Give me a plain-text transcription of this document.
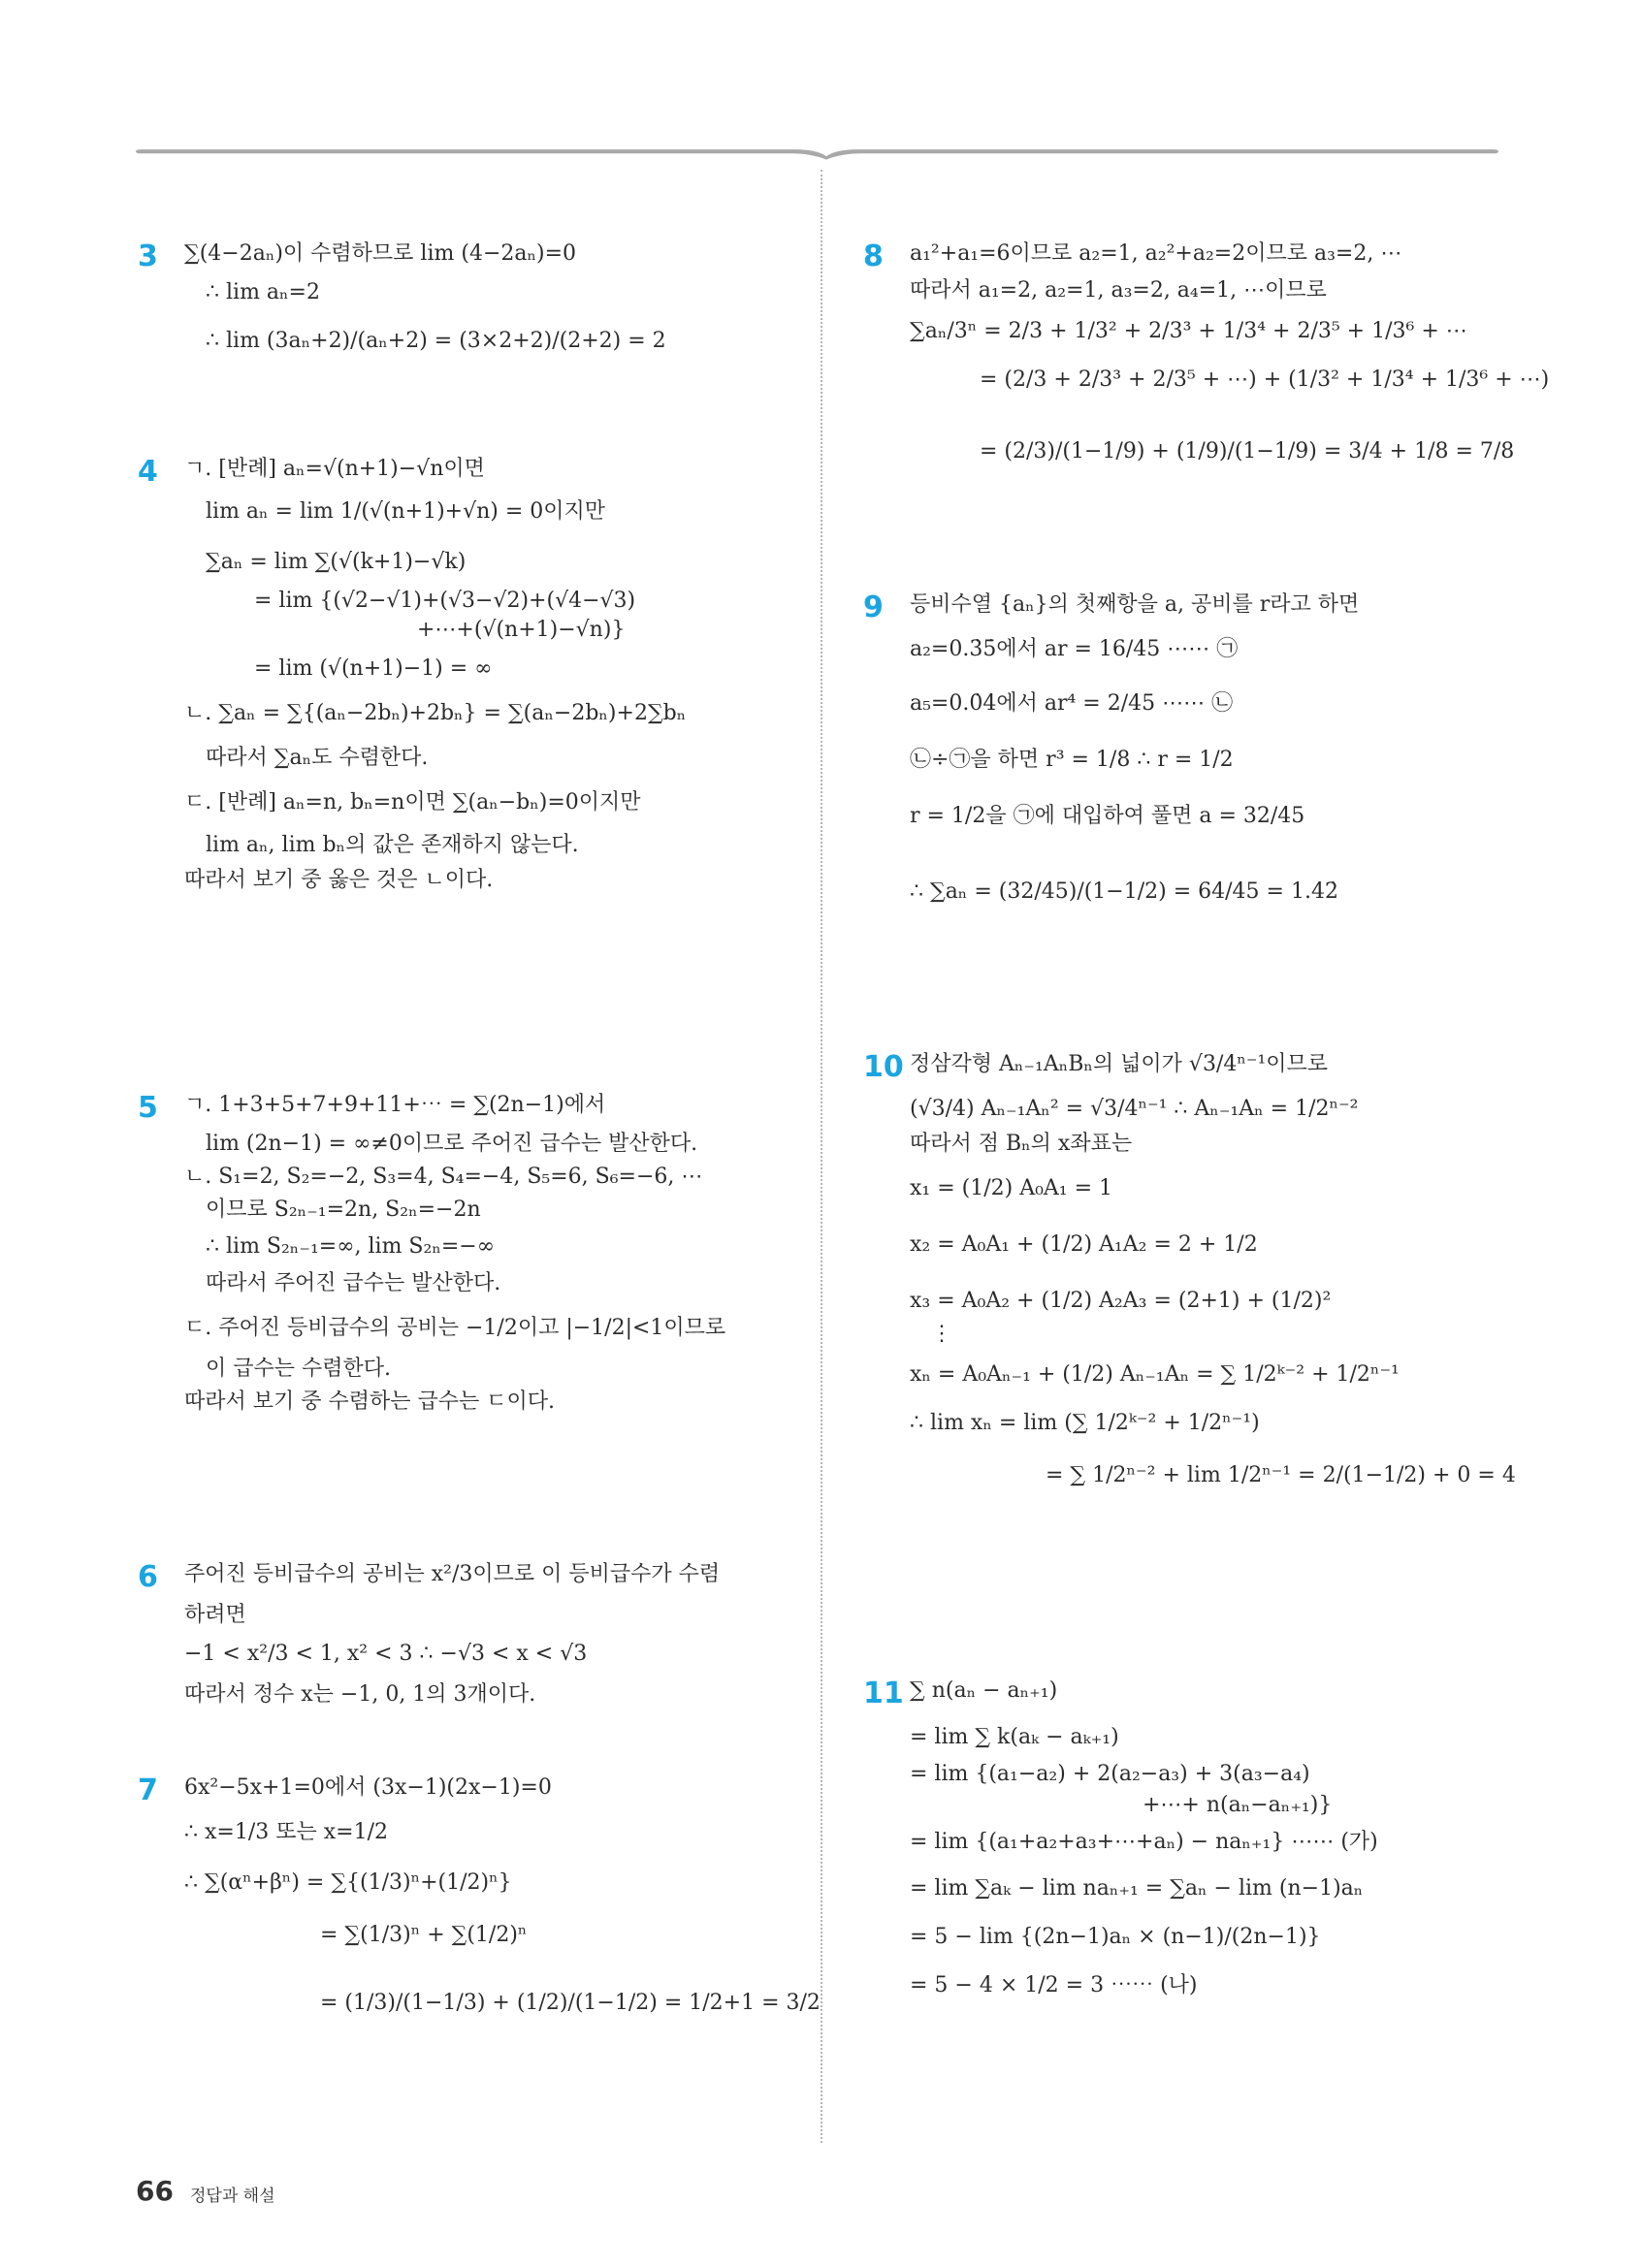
3 ∑(4−2aₙ)이 수렴하므로 lim (4−2aₙ)=0

∴ lim aₙ=2

∴ lim (3aₙ+2)/(aₙ+2) = (3×2+2)/(2+2) = 2

4 ㄱ. [반례] aₙ=√(n+1)−√n이면

lim aₙ = lim 1/(√(n+1)+√n) = 0이지만

∑aₙ = lim ∑(√(k+1)−√k)

= lim {(√2−√1)+(√3−√2)+(√4−√3)

+⋯+(√(n+1)−√n)}

= lim (√(n+1)−1) = ∞

ㄴ. ∑aₙ = ∑{(aₙ−2bₙ)+2bₙ} = ∑(aₙ−2bₙ)+2∑bₙ

따라서 ∑aₙ도 수렴한다.

ㄷ. [반례] aₙ=n, bₙ=n이면 ∑(aₙ−bₙ)=0이지만

lim aₙ, lim bₙ의 값은 존재하지 않는다.

따라서 보기 중 옳은 것은 ㄴ이다.

5 ㄱ. 1+3+5+7+9+11+⋯ = ∑(2n−1)에서

lim (2n−1) = ∞≠0이므로 주어진 급수는 발산한다.

ㄴ. S₁=2, S₂=−2, S₃=4, S₄=−4, S₅=6, S₆=−6, ⋯

이므로 S₂ₙ₋₁=2n, S₂ₙ=−2n

∴ lim S₂ₙ₋₁=∞, lim S₂ₙ=−∞

따라서 주어진 급수는 발산한다.

ㄷ. 주어진 등비급수의 공비는 −1/2이고 |−1/2|<1이므로

이 급수는 수렴한다.

따라서 보기 중 수렴하는 급수는 ㄷ이다.

6 주어진 등비급수의 공비는 x²/3이므로 이 등비급수가 수렴

하려면

−1 < x²/3 < 1, x² < 3 ∴ −√3 < x < √3

따라서 정수 x는 −1, 0, 1의 3개이다.

7 6x²−5x+1=0에서 (3x−1)(2x−1)=0

∴ x=1/3 또는 x=1/2

∴ ∑(αⁿ+βⁿ) = ∑{(1/3)ⁿ+(1/2)ⁿ}

= ∑(1/3)ⁿ + ∑(1/2)ⁿ

= (1/3)/(1−1/3) + (1/2)/(1−1/2) = 1/2+1 = 3/2

8 a₁²+a₁=6이므로 a₂=1, a₂²+a₂=2이므로 a₃=2, ⋯

따라서 a₁=2, a₂=1, a₃=2, a₄=1, ⋯이므로

∑aₙ/3ⁿ = 2/3 + 1/3² + 2/3³ + 1/3⁴ + 2/3⁵ + 1/3⁶ + ⋯

= (2/3 + 2/3³ + 2/3⁵ + ⋯) + (1/3² + 1/3⁴ + 1/3⁶ + ⋯)

= (2/3)/(1−1/9) + (1/9)/(1−1/9) = 3/4 + 1/8 = 7/8

9 등비수열 {aₙ}의 첫째항을 a, 공비를 r라고 하면

a₂=0.3̇5̇에서 ar = 16/45 ⋯⋯ ㉠

a₅=0.0̇4̇에서 ar⁴ = 2/45 ⋯⋯ ㉡

㉡÷㉠을 하면 r³ = 1/8 ∴ r = 1/2

r = 1/2을 ㉠에 대입하여 풀면 a = 32/45

∴ ∑aₙ = (32/45)/(1−1/2) = 64/45 = 1.4̇2̇

10 정삼각형 Aₙ₋₁AₙBₙ의 넓이가 √3/4ⁿ⁻¹이므로

(√3/4) Aₙ₋₁Aₙ² = √3/4ⁿ⁻¹ ∴ Aₙ₋₁Aₙ = 1/2ⁿ⁻²

따라서 점 Bₙ의 x좌표는

x₁ = (1/2) A₀A₁ = 1

x₂ = A₀A₁ + (1/2) A₁A₂ = 2 + 1/2

x₃ = A₀A₂ + (1/2) A₂A₃ = (2+1) + (1/2)²

⋮

xₙ = A₀Aₙ₋₁ + (1/2) Aₙ₋₁Aₙ = ∑ 1/2ᵏ⁻² + 1/2ⁿ⁻¹

∴ lim xₙ = lim (∑ 1/2ᵏ⁻² + 1/2ⁿ⁻¹)

= ∑ 1/2ⁿ⁻² + lim 1/2ⁿ⁻¹ = 2/(1−1/2) + 0 = 4

11 ∑ n(aₙ − aₙ₊₁)

= lim ∑ k(aₖ − aₖ₊₁)

= lim {(a₁−a₂) + 2(a₂−a₃) + 3(a₃−a₄)

+⋯+ n(aₙ−aₙ₊₁)}

= lim {(a₁+a₂+a₃+⋯+aₙ) − naₙ₊₁} ⋯⋯ (가)

= lim ∑aₖ − lim naₙ₊₁ = ∑aₙ − lim (n−1)aₙ

= 5 − lim {(2n−1)aₙ × (n−1)/(2n−1)}

= 5 − 4 × 1/2 = 3 ⋯⋯ (나)

66 정답과 해설
